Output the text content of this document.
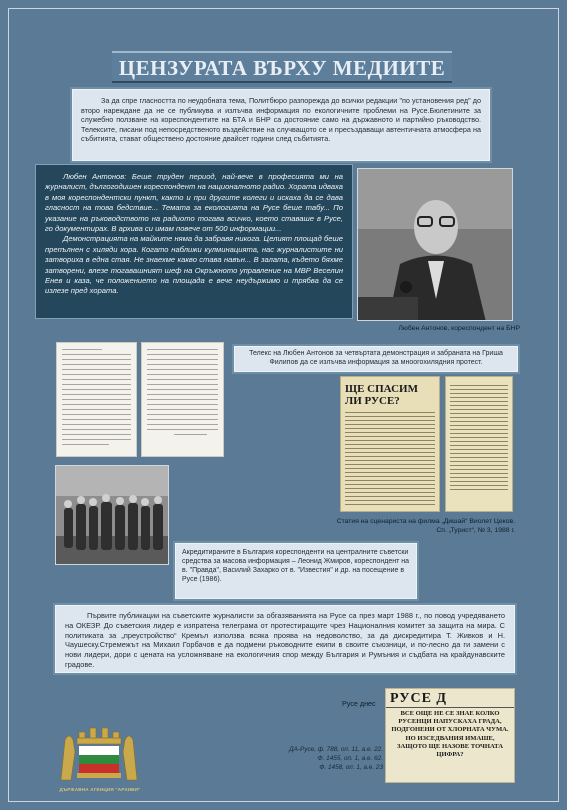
ЦЕНЗУРАТА ВЪРХУ МЕДИИТЕ
За да спре гласността по неудобната тема, Политбюро разпорежда до всички редакции "по установения ред" до второ нареждане да не се публикува и излъчва информация по екологичните проблеми на Русе.Бюлетините за служебно ползване на кореспондентите на БТА и БНР са достояние само на държавното и партийно ръководство. Телексите, писани под непосредственото въздействие на случващото се и пресъздаващи автентичната атмосфера на събитията, стават обществено достояние двайсет години след събитията.

Любен Антонов: Беше труден период, най-вече в професията ми на журналист, дългогодишен кореспондент на националното радио. Хората идваха в моя кореспондентски пункт, както и при другите колеги и искаха да се дава гласност на това бедствие... Темата за екологията на Русе беше табу... По указание на ръководството на радиото тогава всичко, което ставаше в Русе, го документирах. В архива си имам повече от 500 информации...

Демонстрацията на майките няма да забравя никога. Целият площад беше препълнен с хиляди хора. Когато наближи кулминацията, нас журналистите ни затвориха в една стая. Не знаехме какво става навън... В залата, където бяхме затворени, влезе тогавашният шеф на Окръжното управление на МВР Веселин Енев и каза, че положението на площада е вече неудържимо и трябва да се излезе пред хората.

Любен Антонов, кореспондент на БНР
Телекс на Любен Антонов за четвъртата демонстрация и забраната на Гриша Филипов да се излъчва информация за мноогохилядния протест.
ЩЕ СПАСИМ ЛИ РУСЕ?
Статия на сценариста на филма „Дишай“ Виолет Цеков.
Сп. „Турист“, № 3, 1988 г.
Акредитираните в България кореспонденти на централните съветски средства за масова информация – Леонид Жмиров, кореспондент на в. "Правда", Василий Захарко от в. "Известия" и др. на посещение в Русе (1986).
Първите публикации на съветските журналисти за обгазяванията на Русе са през март 1988 г., по повод учредяването на ОКЕЗР. До съветския лидер е изпратена телеграма от протестиращите чрез Националния комитет за защита на мира. С политиката за „преустройство“ Кремъл използва всяка проява на недоволство, за да дискредитира Т. Живков и Н. Чаушеску.Стремежът на Михаил Горбачов е да подмени ръководните екипи в своите съюзници, и по-лесно да ги замени с нови лидери, дори с цената на усложняване на екологичния спор между България и Румъния и съдбата на крайдунавските градове.
Русе днес РУСЕ Д
ВСЕ ОЩЕ НЕ СЕ ЗНАЕ КОЛКО РУСЕНЦИ НАПУСКАХА ГРАДА, ПОДГОНЕНИ ОТ ХЛОРНАТА ЧУМА. НО ИЗСЕДВАНИЯ ИМАШЕ, ЗАЩОТО ЩЕ НАЗОВЕ ТОЧНАТА ЦИФРА?
ДА-Русе, ф. 788, оп. 11, а.е. 22.
Ф. 1455, оп. 1, а.е. 62.
Ф. 1458, оп. 1, а.е. 23
ДЪРЖАВНА АГЕНЦИЯ "АРХИВИ"
